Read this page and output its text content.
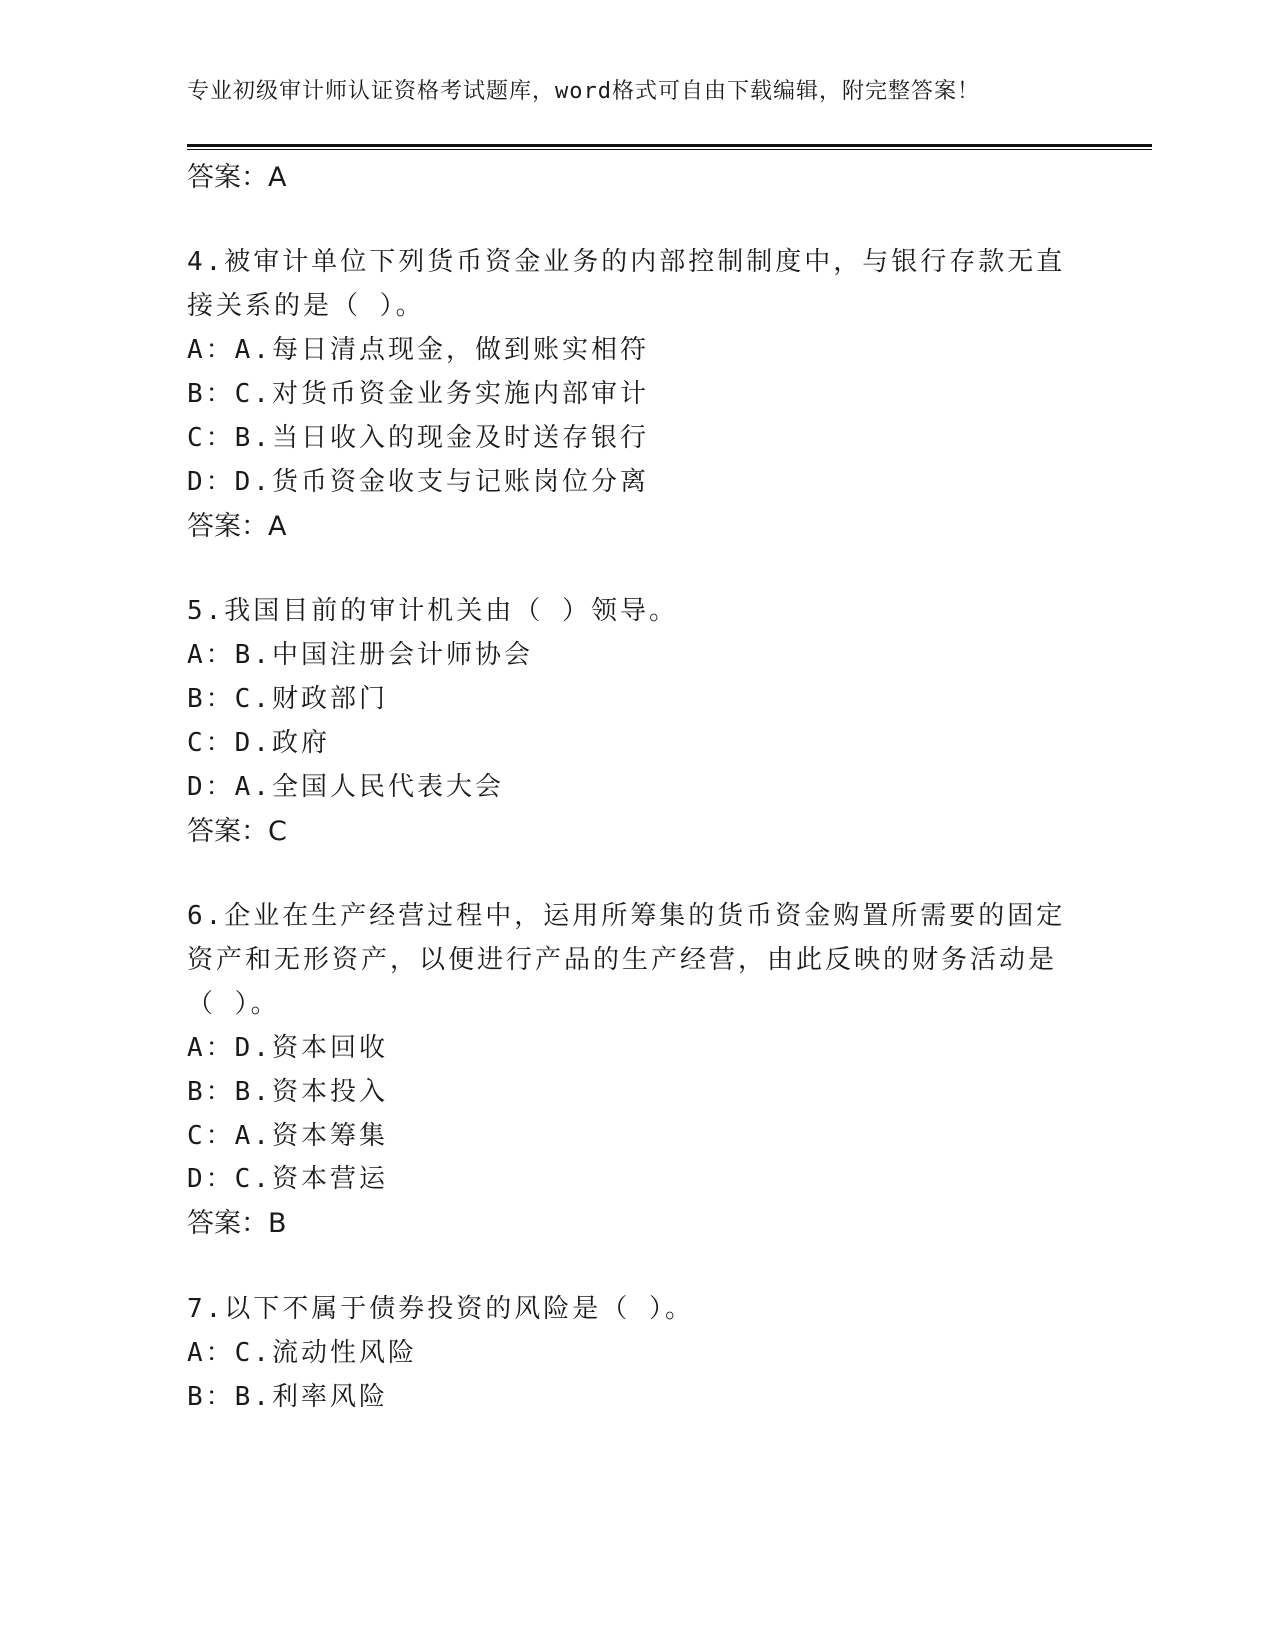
专业初级审计师认证资格考试题库，word格式可自由下载编辑，附完整答案！
答案：A
4.被审计单位下列货币资金业务的内部控制制度中，与银行存款无直
接关系的是（ ）。
A：A.每日清点现金，做到账实相符
B：C.对货币资金业务实施内部审计
C：B.当日收入的现金及时送存银行
D：D.货币资金收支与记账岗位分离
答案：A
5.我国目前的审计机关由（ ）领导。
A：B.中国注册会计师协会
B：C.财政部门
C：D.政府
D：A.全国人民代表大会
答案：C
6.企业在生产经营过程中，运用所筹集的货币资金购置所需要的固定
资产和无形资产，以便进行产品的生产经营，由此反映的财务活动是
（ ）。
A：D.资本回收
B：B.资本投入
C：A.资本筹集
D：C.资本营运
答案：B
7.以下不属于债券投资的风险是（ ）。
A：C.流动性风险
B：B.利率风险
